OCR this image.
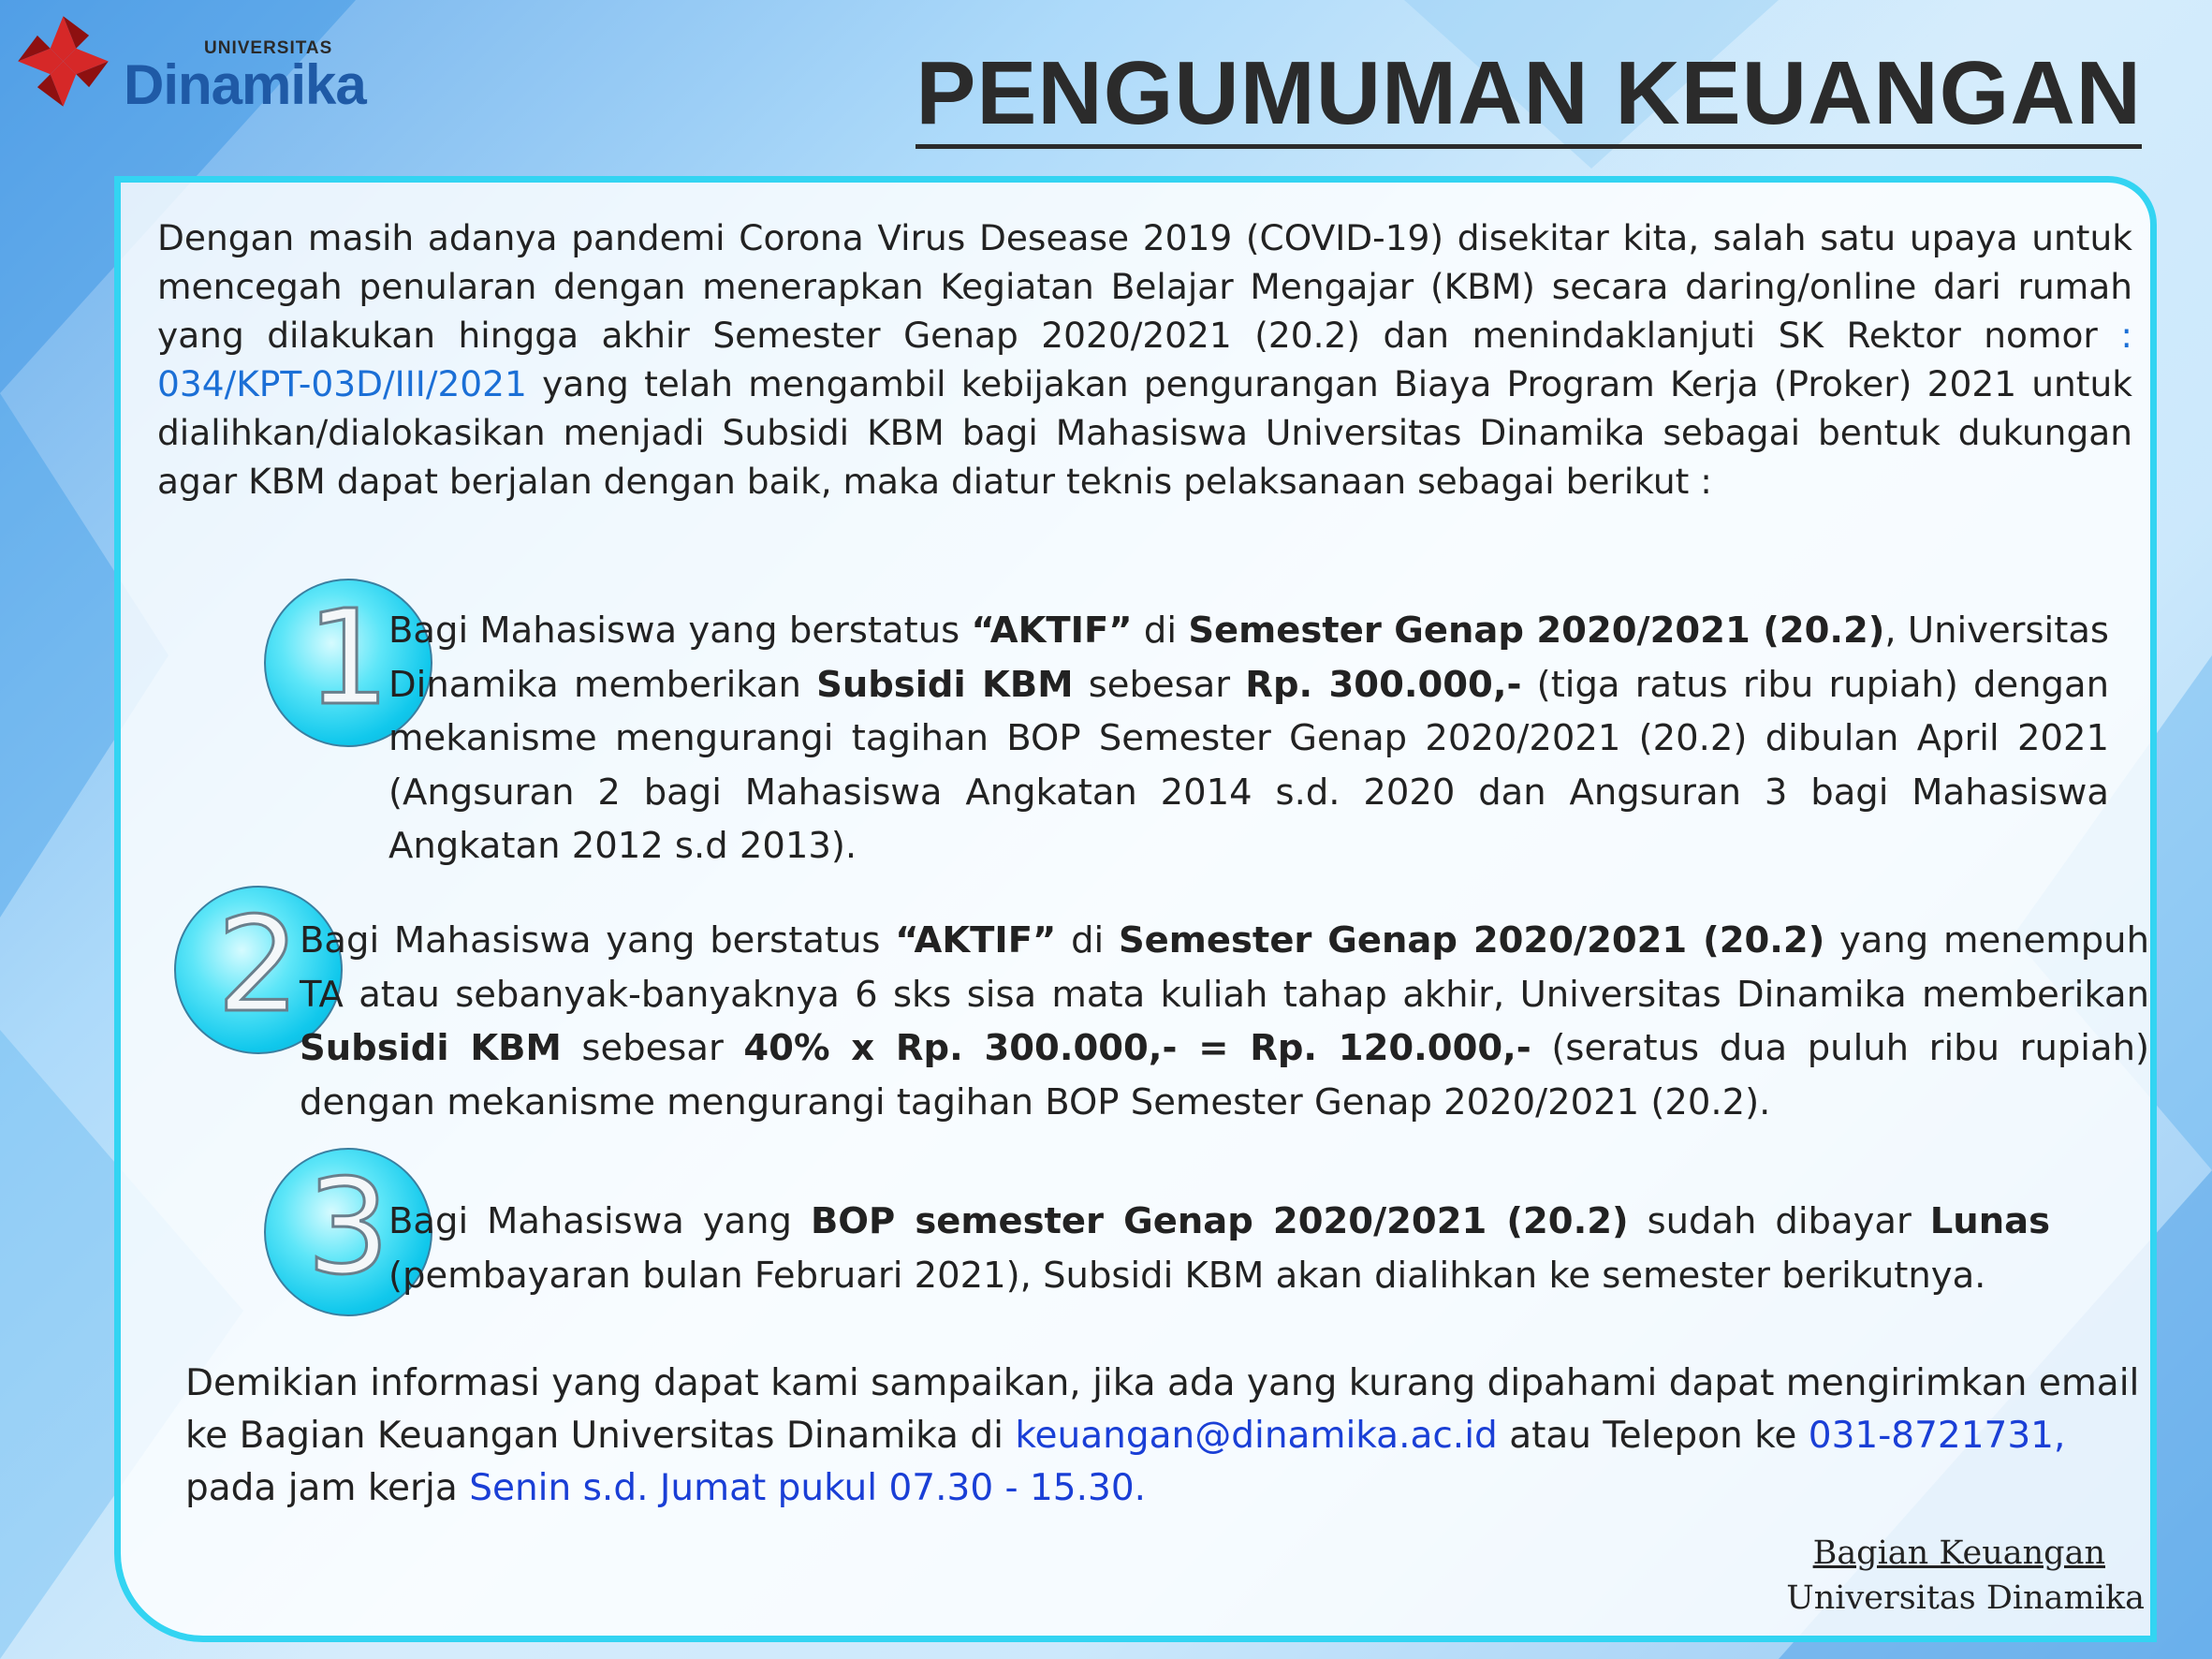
UNIVERSITAS
Dinamika	PENGUMUMAN KEUANGAN
Dengan masih adanya pandemi Corona Virus Desease 2019 (COVID-19) disekitar kita, salah satu upaya untuk mencegah penularan dengan menerapkan Kegiatan Belajar Mengajar (KBM) secara daring/online dari rumah yang dilakukan hingga akhir Semester Genap 2020/2021 (20.2) dan menindaklanjuti SK Rektor nomor : 034/KPT-03D/III/2021 yang telah mengambil kebijakan pengurangan Biaya Program Kerja (Proker) 2021 untuk dialihkan/dialokasikan menjadi Subsidi KBM bagi Mahasiswa Universitas Dinamika sebagai bentuk dukungan agar KBM dapat berjalan dengan baik, maka diatur teknis pelaksanaan sebagai berikut :
1
Bagi Mahasiswa yang berstatus “AKTIF” di Semester Genap 2020/2021 (20.2), Universitas Dinamika memberikan Subsidi KBM sebesar Rp. 300.000,- (tiga ratus ribu rupiah) dengan mekanisme mengurangi tagihan BOP Semester Genap 2020/2021 (20.2) dibulan April 2021 (Angsuran 2 bagi Mahasiswa Angkatan 2014 s.d. 2020 dan Angsuran 3 bagi Mahasiswa Angkatan 2012 s.d 2013).
2 Bagi Mahasiswa yang berstatus “AKTIF” di Semester Genap 2020/2021 (20.2) yang menempuh TA atau sebanyak-banyaknya 6 sks sisa mata kuliah tahap akhir, Universitas Dinamika memberikan Subsidi KBM sebesar 40% x Rp. 300.000,- = Rp. 120.000,- (seratus dua puluh ribu rupiah) dengan mekanisme mengurangi tagihan BOP Semester Genap 2020/2021 (20.2).
3
Bagi Mahasiswa yang BOP semester Genap 2020/2021 (20.2) sudah dibayar Lunas (pembayaran bulan Februari 2021), Subsidi KBM akan dialihkan ke semester berikutnya.
Demikian informasi yang dapat kami sampaikan, jika ada yang kurang dipahami dapat mengirimkan email ke Bagian Keuangan Universitas Dinamika di keuangan@dinamika.ac.id atau Telepon ke 031-8721731, pada jam kerja Senin s.d. Jumat pukul 07.30 - 15.30.
Bagian Keuangan
Universitas Dinamika
